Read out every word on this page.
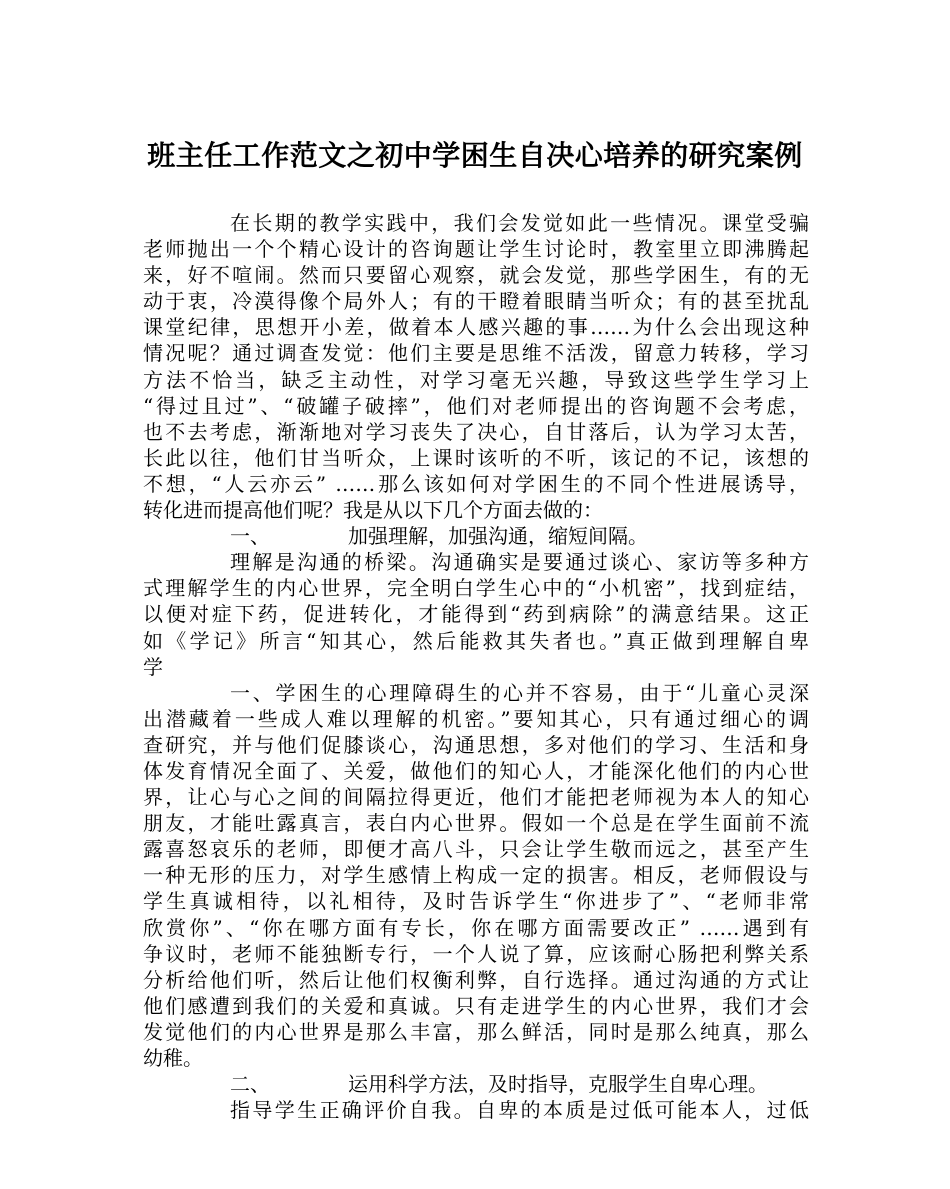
班主任工作范文之初中学困生自决心培养的研究案例
在长期的教学实践中，我们会发觉如此一些情况。课堂受骗
老师抛出一个个精心设计的咨询题让学生讨论时，教室里立即沸腾起
来，好不喧闹。然而只要留心观察，就会发觉，那些学困生，有的无
动于衷，冷漠得像个局外人；有的干瞪着眼睛当听众；有的甚至扰乱
课堂纪律，思想开小差，做着本人感兴趣的事……为什么会出现这种
情况呢？通过调查发觉：他们主要是思维不活泼，留意力转移，学习
方法不恰当，缺乏主动性，对学习毫无兴趣，导致这些学生学习上
“得过且过”、“破罐子破摔”，他们对老师提出的咨询题不会考虑，
也不去考虑，渐渐地对学习丧失了决心，自甘落后，认为学习太苦，
长此以往，他们甘当听众，上课时该听的不听，该记的不记，该想的
不想，“人云亦云” ……那么该如何对学困生的不同个性进展诱导，
转化进而提高他们呢？我是从以下几个方面去做的：
一、	加强理解，加强沟通，缩短间隔。
理解是沟通的桥梁。沟通确实是要通过谈心、家访等多种方
式理解学生的内心世界，完全明白学生心中的“小机密”，找到症结，
以便对症下药，促进转化，才能得到“药到病除”的满意结果。这正
如《学记》所言“知其心，然后能救其失者也。”真正做到理解自卑
学
一、学困生的心理障碍生的心并不容易，由于“儿童心灵深
出潜藏着一些成人难以理解的机密。”要知其心，只有通过细心的调
查研究，并与他们促膝谈心，沟通思想，多对他们的学习、生活和身
体发育情况全面了、关爱，做他们的知心人，才能深化他们的内心世
界，让心与心之间的间隔拉得更近，他们才能把老师视为本人的知心
朋友，才能吐露真言，表白内心世界。假如一个总是在学生面前不流
露喜怒哀乐的老师，即便才高八斗，只会让学生敬而远之，甚至产生
一种无形的压力，对学生感情上构成一定的损害。相反，老师假设与
学生真诚相待，以礼相待，及时告诉学生“你进步了”、“老师非常
欣赏你”、“你在哪方面有专长，你在哪方面需要改正” ……遇到有
争议时，老师不能独断专行，一个人说了算，应该耐心肠把利弊关系
分析给他们听，然后让他们权衡利弊，自行选择。通过沟通的方式让
他们感遭到我们的关爱和真诚。只有走进学生的内心世界，我们才会
发觉他们的内心世界是那么丰富，那么鲜活，同时是那么纯真，那么
幼稚。
二、	运用科学方法，及时指导，克服学生自卑心理。
指导学生正确评价自我。自卑的本质是过低可能本人，过低
